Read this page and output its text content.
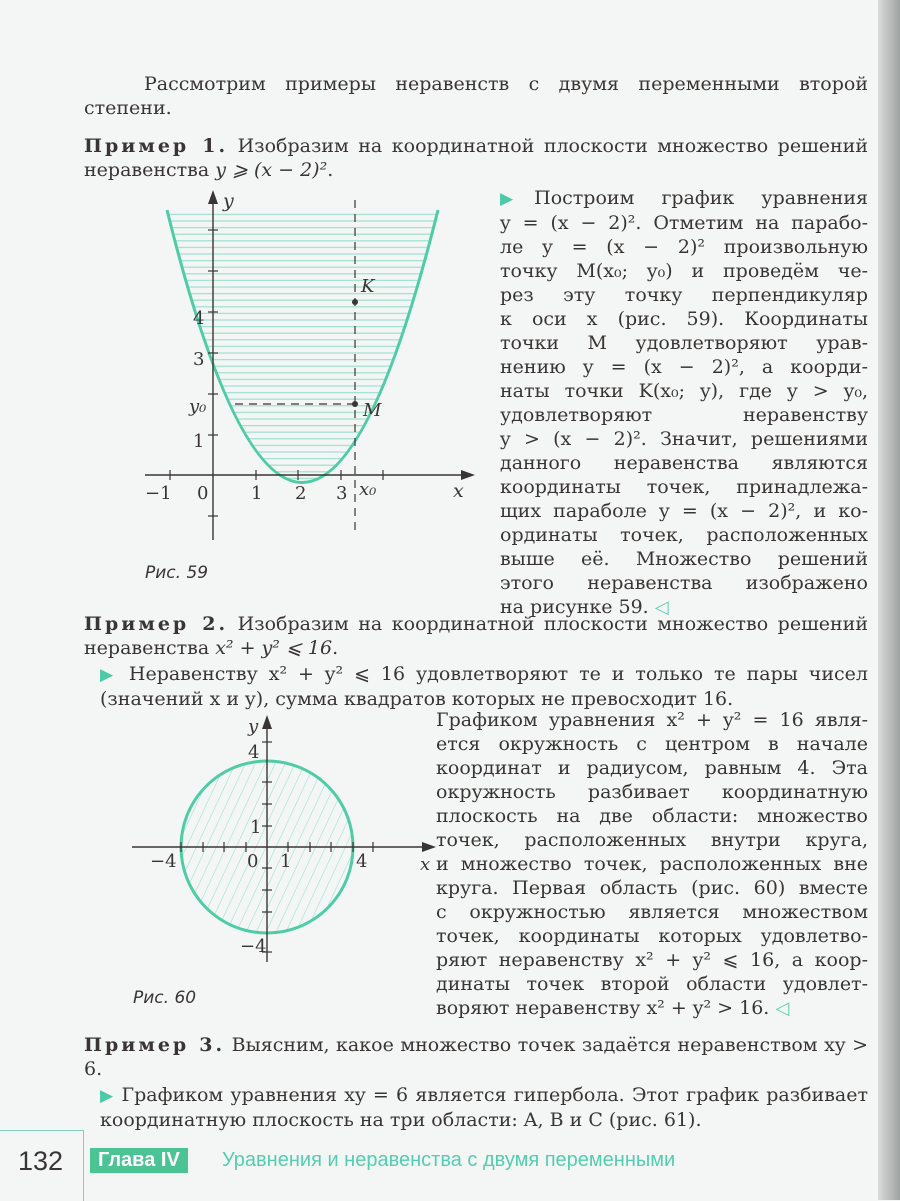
Рассмотрим примеры неравенств с двумя переменными второй степени.
Пример 1. Изобразим на координатной плоскости множество решений неравенства y ⩾ (x − 2)².
y
x
−1 0 1 2 3 x₀
1
3
4
y₀
K
M
Рис. 59
▶Построим график уравнения
y = (x − 2)². Отметим на парабо-
ле y = (x − 2)² произвольную
точку M(x₀; y₀) и проведём че-
рез эту точку перпендикуляр
к оси x (рис. 59). Координаты
точки M удовлетворяют урав-
нению y = (x − 2)², а коорди-
наты точки K(x₀; y), где y > y₀,
удовлетворяют неравенству
y > (x − 2)². Значит, решениями
данного неравенства являются
координаты точек, принадлежа-
щих параболе y = (x − 2)², и ко-
ординаты точек, расположенных
выше её. Множество решений
этого неравенства изображено
на рисунке 59. ◁
Пример 2. Изобразим на координатной плоскости множество решений неравенства x² + y² ⩽ 16.
▶ Неравенству x² + y² ⩽ 16 удовлетворяют те и только те пары чисел (значений x и y), сумма квадратов которых не превосходит 16.
y
x
−4	0 1	4
4
1
−4
Рис. 60
Графиком уравнения x² + y² = 16 явля-
ется окружность с центром в начале
координат и радиусом, равным 4. Эта
окружность разбивает координатную
плоскость на две области: множество
точек, расположенных внутри круга,
и множество точек, расположенных вне
круга. Первая область (рис. 60) вместе
с окружностью является множеством
точек, координаты которых удовлетво-
ряют неравенству x² + y² ⩽ 16, а коор-
динаты точек второй области удовлет-
воряют неравенству x² + y² > 16. ◁
Пример 3. Выясним, какое множество точек задаётся неравенством xy > 6.
▶ Графиком уравнения xy = 6 является гипербола. Этот график разбивает координатную плоскость на три области: A, B и C (рис. 61).
132	Глава IV	Уравнения и неравенства с двумя переменными
